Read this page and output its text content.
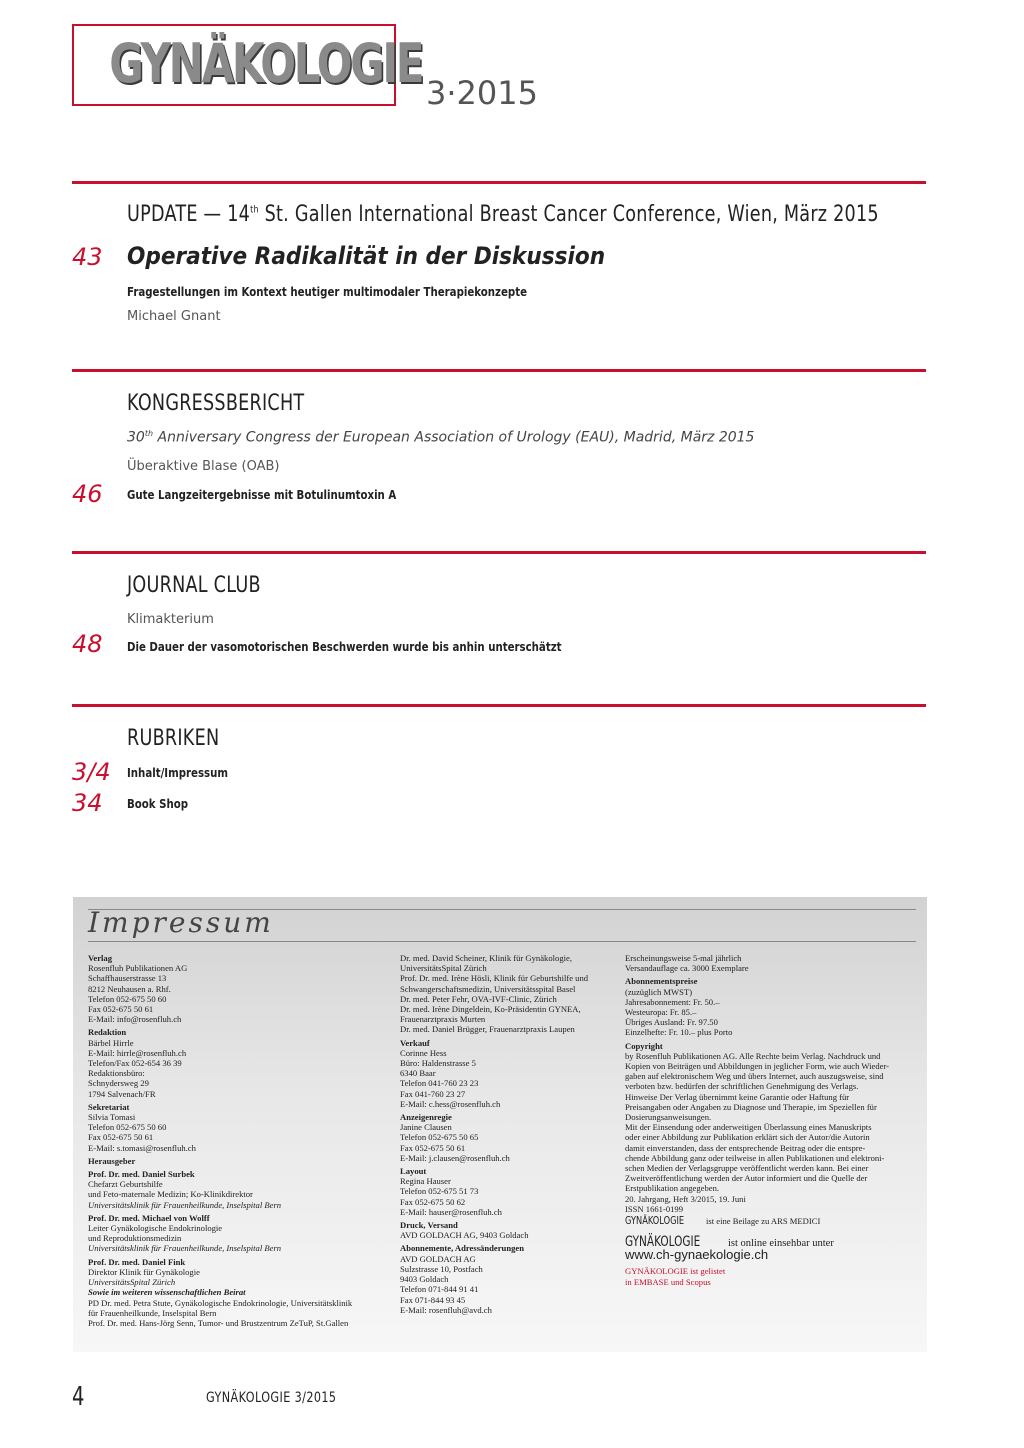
GYNÄKOLOGIE 3·2015
UPDATE — 14th St. Gallen International Breast Cancer Conference, Wien, März 2015
43	Operative Radikalität in der Diskussion
Fragestellungen im Kontext heutiger multimodaler Therapiekonzepte
Michael Gnant
KONGRESSBERICHT
30th Anniversary Congress der European Association of Urology (EAU), Madrid, März 2015
Überaktive Blase (OAB)
46	Gute Langzeitergebnisse mit Botulinumtoxin A
JOURNAL CLUB
Klimakterium
48	Die Dauer der vasomotorischen Beschwerden wurde bis anhin unterschätzt
RUBRIKEN
3/4	Inhalt/Impressum
34	Book Shop
Impressum
Verlag
Rosenfluh Publikationen AG
Schaffhauserstrasse 13
8212 Neuhausen a. Rhf.
Telefon 052-675 50 60
Fax 052-675 50 61
E-Mail: info@rosenfluh.ch
Redaktion
Bärbel Hirrle
E-Mail: hirrle@rosenfluh.ch
Telefon/Fax 052-654 36 39
Redaktionsbüro:
Schnydersweg 29
1794 Salvenach/FR
Sekretariat
Silvia Tomasi
Telefon 052-675 50 60
Fax 052-675 50 61
E-Mail: s.tomasi@rosenfluh.ch
Herausgeber
Prof. Dr. med. Daniel Surbek
Chefarzt Geburtshilfe
und Feto-maternale Medizin; Ko-Klinikdirektor
Universitätsklinik für Frauenheilkunde, Inselspital Bern
Prof. Dr. med. Michael von Wolff
Leiter Gynäkologische Endokrinologie
und Reproduktionsmedizin
Universitätsklinik für Frauenheilkunde, Inselspital Bern
Prof. Dr. med. Daniel Fink
Direktor Klinik für Gynäkologie
UniversitätsSpital Zürich
Sowie im weiteren wissenschaftlichen Beirat
PD Dr. med. Petra Stute, Gynäkologische Endokrinologie, Universitätsklinik
für Frauenheilkunde, Inselspital Bern
Prof. Dr. med. Hans-Jörg Senn, Tumor- und Brustzentrum ZeTuP, St.Gallen
Dr. med. David Scheiner, Klinik für Gynäkologie,
UniversitätsSpital Zürich
Prof. Dr. med. Irène Hösli, Klinik für Geburtshilfe und
Schwangerschaftsmedizin, Universitätsspital Basel
Dr. med. Peter Fehr, OVA-IVF-Clinic, Zürich
Dr. med. Irène Dingeldein, Ko-Präsidentin GYNEA,
Frauenarztpraxis Murten
Dr. med. Daniel Brügger, Frauenarztpraxis Laupen
Verkauf
Corinne Hess
Büro: Haldenstrasse 5
6340 Baar
Telefon 041-760 23 23
Fax 041-760 23 27
E-Mail: c.hess@rosenfluh.ch
Anzeigenregie
Janine Clausen
Telefon 052-675 50 65
Fax 052-675 50 61
E-Mail: j.clausen@rosenfluh.ch
Layout
Regina Hauser
Telefon 052-675 51 73
Fax 052-675 50 62
E-Mail: hauser@rosenfluh.ch
Druck, Versand
AVD GOLDACH AG, 9403 Goldach
Abonnemente, Adressänderungen
AVD GOLDACH AG
Sulzstrasse 10, Postfach
9403 Goldach
Telefon 071-844 91 41
Fax 071-844 93 45
E-Mail: rosenfluh@avd.ch
Erscheinungsweise 5-mal jährlich
Versandauflage ca. 3000 Exemplare
Abonnementspreise
(zuzüglich MWST)
Jahresabonnement: Fr. 50.–
Westeuropa: Fr. 85.–
Übriges Ausland: Fr. 97.50
Einzelhefte: Fr. 10.– plus Porto
Copyright
by Rosenfluh Publikationen AG. Alle Rechte beim Verlag. Nachdruck und
Kopien von Beiträgen und Abbildungen in jeglicher Form, wie auch Wieder-
gaben auf elektronischem Weg und übers Internet, auch auszugsweise, sind
verboten bzw. bedürfen der schriftlichen Genehmigung des Verlags.
Hinweise Der Verlag übernimmt keine Garantie oder Haftung für
Preisangaben oder Angaben zu Diagnose und Therapie, im Speziellen für
Dosierungsanweisungen.
Mit der Einsendung oder anderweitigen Überlassung eines Manuskripts
oder einer Abbildung zur Publikation erklärt sich der Autor/die Autorin
damit einverstanden, dass der entsprechende Beitrag oder die entspre-
chende Abbildung ganz oder teilweise in allen Publikationen und elektroni-
schen Medien der Verlagsgruppe veröffentlicht werden kann. Bei einer
Zweitveröffentlichung werden der Autor informiert und die Quelle der
Erstpublikation angegeben.
20. Jahrgang, Heft 3/2015, 19. Juni
ISSN 1661-0199
GYNÄKOLOGIE	ist eine Beilage zu ARS MEDICI
GYNÄKOLOGIE	ist online einsehbar unter
www.ch-gynaekologie.ch
GYNÄKOLOGIE ist gelistet
in EMBASE und Scopus
4	GYNÄKOLOGIE 3/2015
